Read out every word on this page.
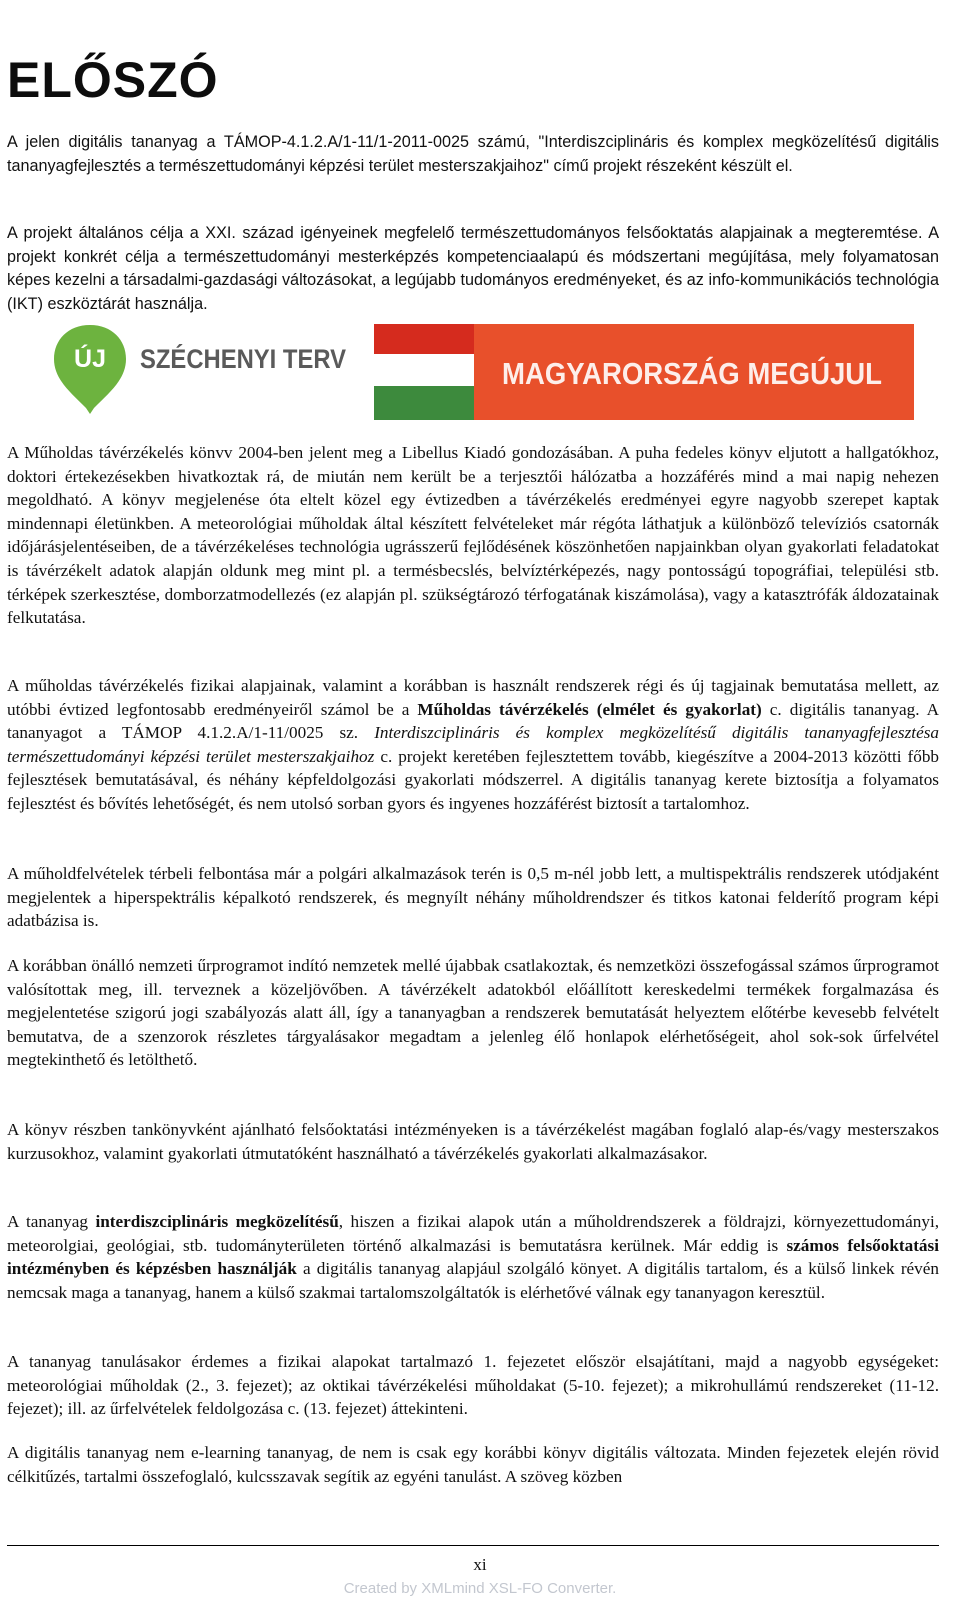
ELŐSZÓ

A jelen digitális tananyag a TÁMOP-4.1.2.A/1-11/1-2011-0025 számú, "Interdiszciplináris és komplex megközelítésű digitális tananyagfejlesztés a természettudományi képzési terület mesterszakjaihoz" című projekt részeként készült el.

A projekt általános célja a XXI. század igényeinek megfelelő természettudományos felsőoktatás alapjainak a megteremtése. A projekt konkrét célja a természettudományi mesterképzés kompetenciaalapú és módszertani megújítása, mely folyamatosan képes kezelni a társadalmi-gazdasági változásokat, a legújabb tudományos eredményeket, és az info-kommunikációs technológia (IKT) eszköztárát használja.

ÚJ SZÉCHENYI TERV	MAGYARORSZÁG MEGÚJUL

A Műholdas távérzékelés könvv 2004-ben jelent meg a Libellus Kiadó gondozásában. A puha fedeles könyv eljutott a hallgatókhoz, doktori értekezésekben hivatkoztak rá, de miután nem került be a terjesztői hálózatba a hozzáférés mind a mai napig nehezen megoldható. A könyv megjelenése óta eltelt közel egy évtizedben a távérzékelés eredményei egyre nagyobb szerepet kaptak mindennapi életünkben. A meteorológiai műholdak által készített felvételeket már régóta láthatjuk a különböző televíziós csatornák időjárásjelentéseiben, de a távérzékeléses technológia ugrásszerű fejlődésének köszönhetően napjainkban olyan gyakorlati feladatokat is távérzékelt adatok alapján oldunk meg mint pl. a termésbecslés, belvíztérképezés, nagy pontosságú topográfiai, települési stb. térképek szerkesztése, domborzatmodellezés (ez alapján pl. szükségtározó térfogatának kiszámolása), vagy a katasztrófák áldozatainak felkutatása.

A műholdas távérzékelés fizikai alapjainak, valamint a korábban is használt rendszerek régi és új tagjainak bemutatása mellett, az utóbbi évtized legfontosabb eredményeiről számol be a Műholdas távérzékelés (elmélet és gyakorlat) c. digitális tananyag. A tananyagot a TÁMOP 4.1.2.A/1-11/0025 sz. Interdiszciplináris és komplex megközelítésű digitális tananyagfejlesztésa természettudományi képzési terület mesterszakjaihoz c. projekt keretében fejlesztettem tovább, kiegészítve a 2004-2013 közötti főbb fejlesztések bemutatásával, és néhány képfeldolgozási gyakorlati módszerrel. A digitális tananyag kerete biztosítja a folyamatos fejlesztést és bővítés lehetőségét, és nem utolsó sorban gyors és ingyenes hozzáférést biztosít a tartalomhoz.

A műholdfelvételek térbeli felbontása már a polgári alkalmazások terén is 0,5 m-nél jobb lett, a multispektrális rendszerek utódjaként megjelentek a hiperspektrális képalkotó rendszerek, és megnyílt néhány műholdrendszer és titkos katonai felderítő program képi adatbázisa is.

A korábban önálló nemzeti űrprogramot indító nemzetek mellé újabbak csatlakoztak, és nemzetközi összefogással számos űrprogramot valósítottak meg, ill. terveznek a közeljövőben. A távérzékelt adatokból előállított kereskedelmi termékek forgalmazása és megjelentetése szigorú jogi szabályozás alatt áll, így a tananyagban a rendszerek bemutatását helyeztem előtérbe kevesebb felvételt bemutatva, de a szenzorok részletes tárgyalásakor megadtam a jelenleg élő honlapok elérhetőségeit, ahol sok-sok űrfelvétel megtekinthető és letölthető.

A könyv részben tankönyvként ajánlható felsőoktatási intézményeken is a távérzékelést magában foglaló alap-és/vagy mesterszakos kurzusokhoz, valamint gyakorlati útmutatóként használható a távérzékelés gyakorlati alkalmazásakor.

A tananyag interdiszciplináris megközelítésű, hiszen a fizikai alapok után a műholdrendszerek a földrajzi, környezettudományi, meteorolgiai, geológiai, stb. tudományterületen történő alkalmazási is bemutatásra kerülnek. Már eddig is számos felsőoktatási intézményben és képzésben használják a digitális tananyag alapjául szolgáló könyet. A digitális tartalom, és a külső linkek révén nemcsak maga a tananyag, hanem a külső szakmai tartalomszolgáltatók is elérhetővé válnak egy tananyagon keresztül.

A tananyag tanulásakor érdemes a fizikai alapokat tartalmazó 1. fejezetet először elsajátítani, majd a nagyobb egységeket: meteorológiai műholdak (2., 3. fejezet); az oktikai távérzékelési műholdakat (5-10. fejezet); a mikrohullámú rendszereket (11-12. fejezet); ill. az űrfelvételek feldolgozása c. (13. fejezet) áttekinteni.

A digitális tananyag nem e-learning tananyag, de nem is csak egy korábbi könyv digitális változata. Minden fejezetek elején rövid célkitűzés, tartalmi összefoglaló, kulcsszavak segítik az egyéni tanulást. A szöveg közben

xi
Created by XMLmind XSL-FO Converter.
